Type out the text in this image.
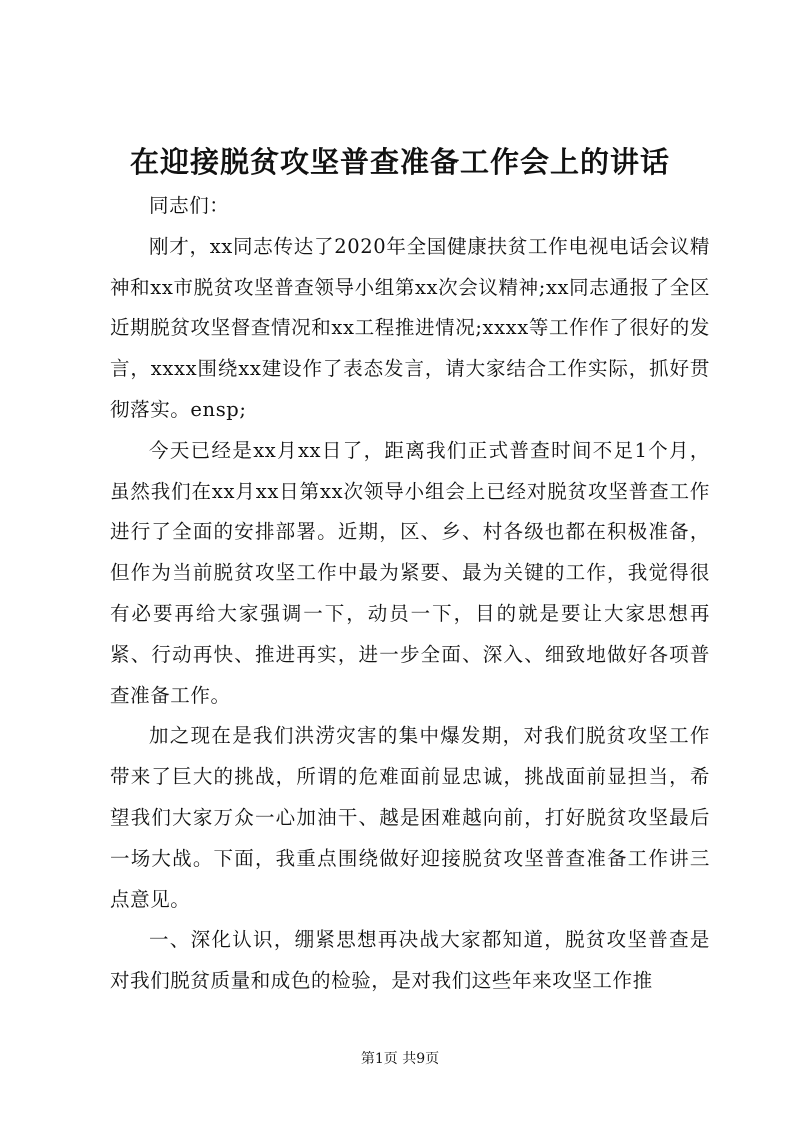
在迎接脱贫攻坚普查准备工作会上的讲话

同志们：

刚才，xx同志传达了2020年全国健康扶贫工作电视电话会议精神和xx市脱贫攻坚普查领导小组第xx次会议精神;xx同志通报了全区近期脱贫攻坚督查情况和xx工程推进情况;xxxx等工作作了很好的发言，xxxx围绕xx建设作了表态发言，请大家结合工作实际，抓好贯彻落实。ensp;

今天已经是xx月xx日了，距离我们正式普查时间不足1个月，虽然我们在xx月xx日第xx次领导小组会上已经对脱贫攻坚普查工作进行了全面的安排部署。近期，区、乡、村各级也都在积极准备，但作为当前脱贫攻坚工作中最为紧要、最为关键的工作，我觉得很有必要再给大家强调一下，动员一下，目的就是要让大家思想再紧、行动再快、推进再实，进一步全面、深入、细致地做好各项普查准备工作。

加之现在是我们洪涝灾害的集中爆发期，对我们脱贫攻坚工作带来了巨大的挑战，所谓的危难面前显忠诚，挑战面前显担当，希望我们大家万众一心加油干、越是困难越向前，打好脱贫攻坚最后一场大战。下面，我重点围绕做好迎接脱贫攻坚普查准备工作讲三点意见。

一、深化认识，绷紧思想再决战大家都知道，脱贫攻坚普查是对我们脱贫质量和成色的检验，是对我们这些年来攻坚工作推

第1页 共9页
